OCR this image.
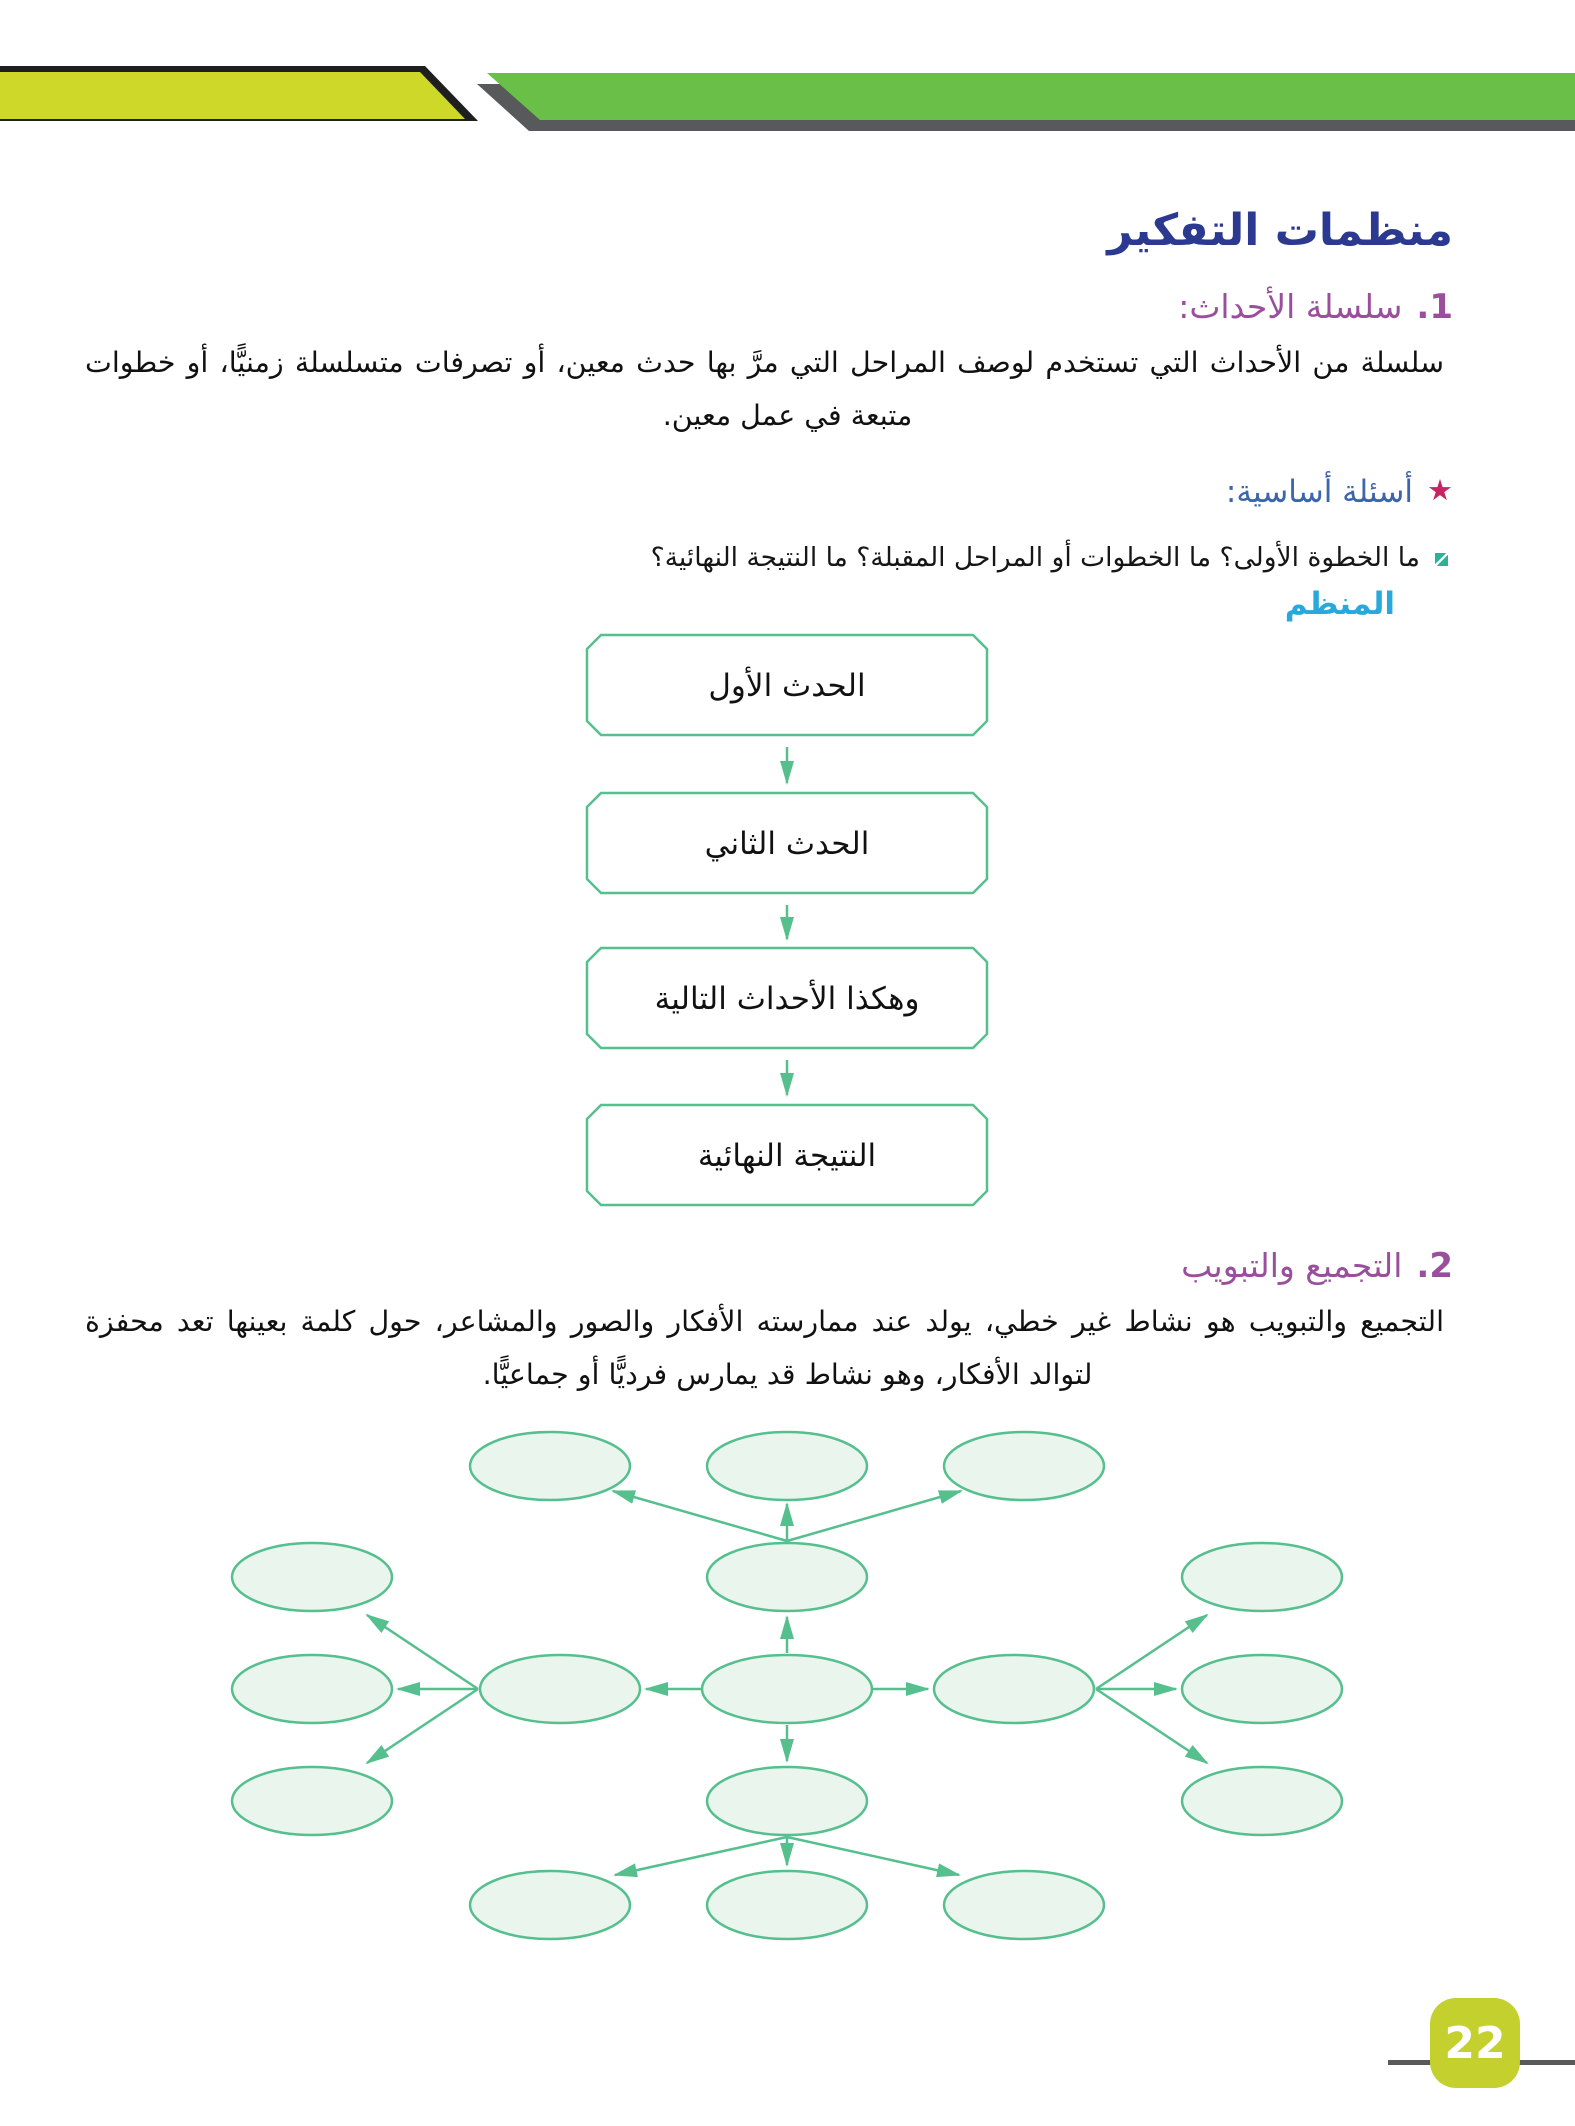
منظمات التفكير
1.سلسلة الأحداث:
سلسلة من الأحداث التي تستخدم لوصف المراحل التي مرَّ بها حدث معين، أو تصرفات متسلسلة زمنيًّا، أو خطوات
متبعة في عمل معين.
★أسئلة أساسية:
ما الخطوة الأولى؟ ما الخطوات أو المراحل المقبلة؟ ما النتيجة النهائية؟
المنظم
الحدث الأول
الحدث الثاني
وهكذا الأحداث التالية
النتيجة النهائية
2.التجميع والتبويب
التجميع والتبويب هو نشاط غير خطي، يولد عند ممارسته الأفكار والصور والمشاعر، حول كلمة بعينها تعد محفزة
لتوالد الأفكار، وهو نشاط قد يمارس فرديًّا أو جماعيًّا.
22
